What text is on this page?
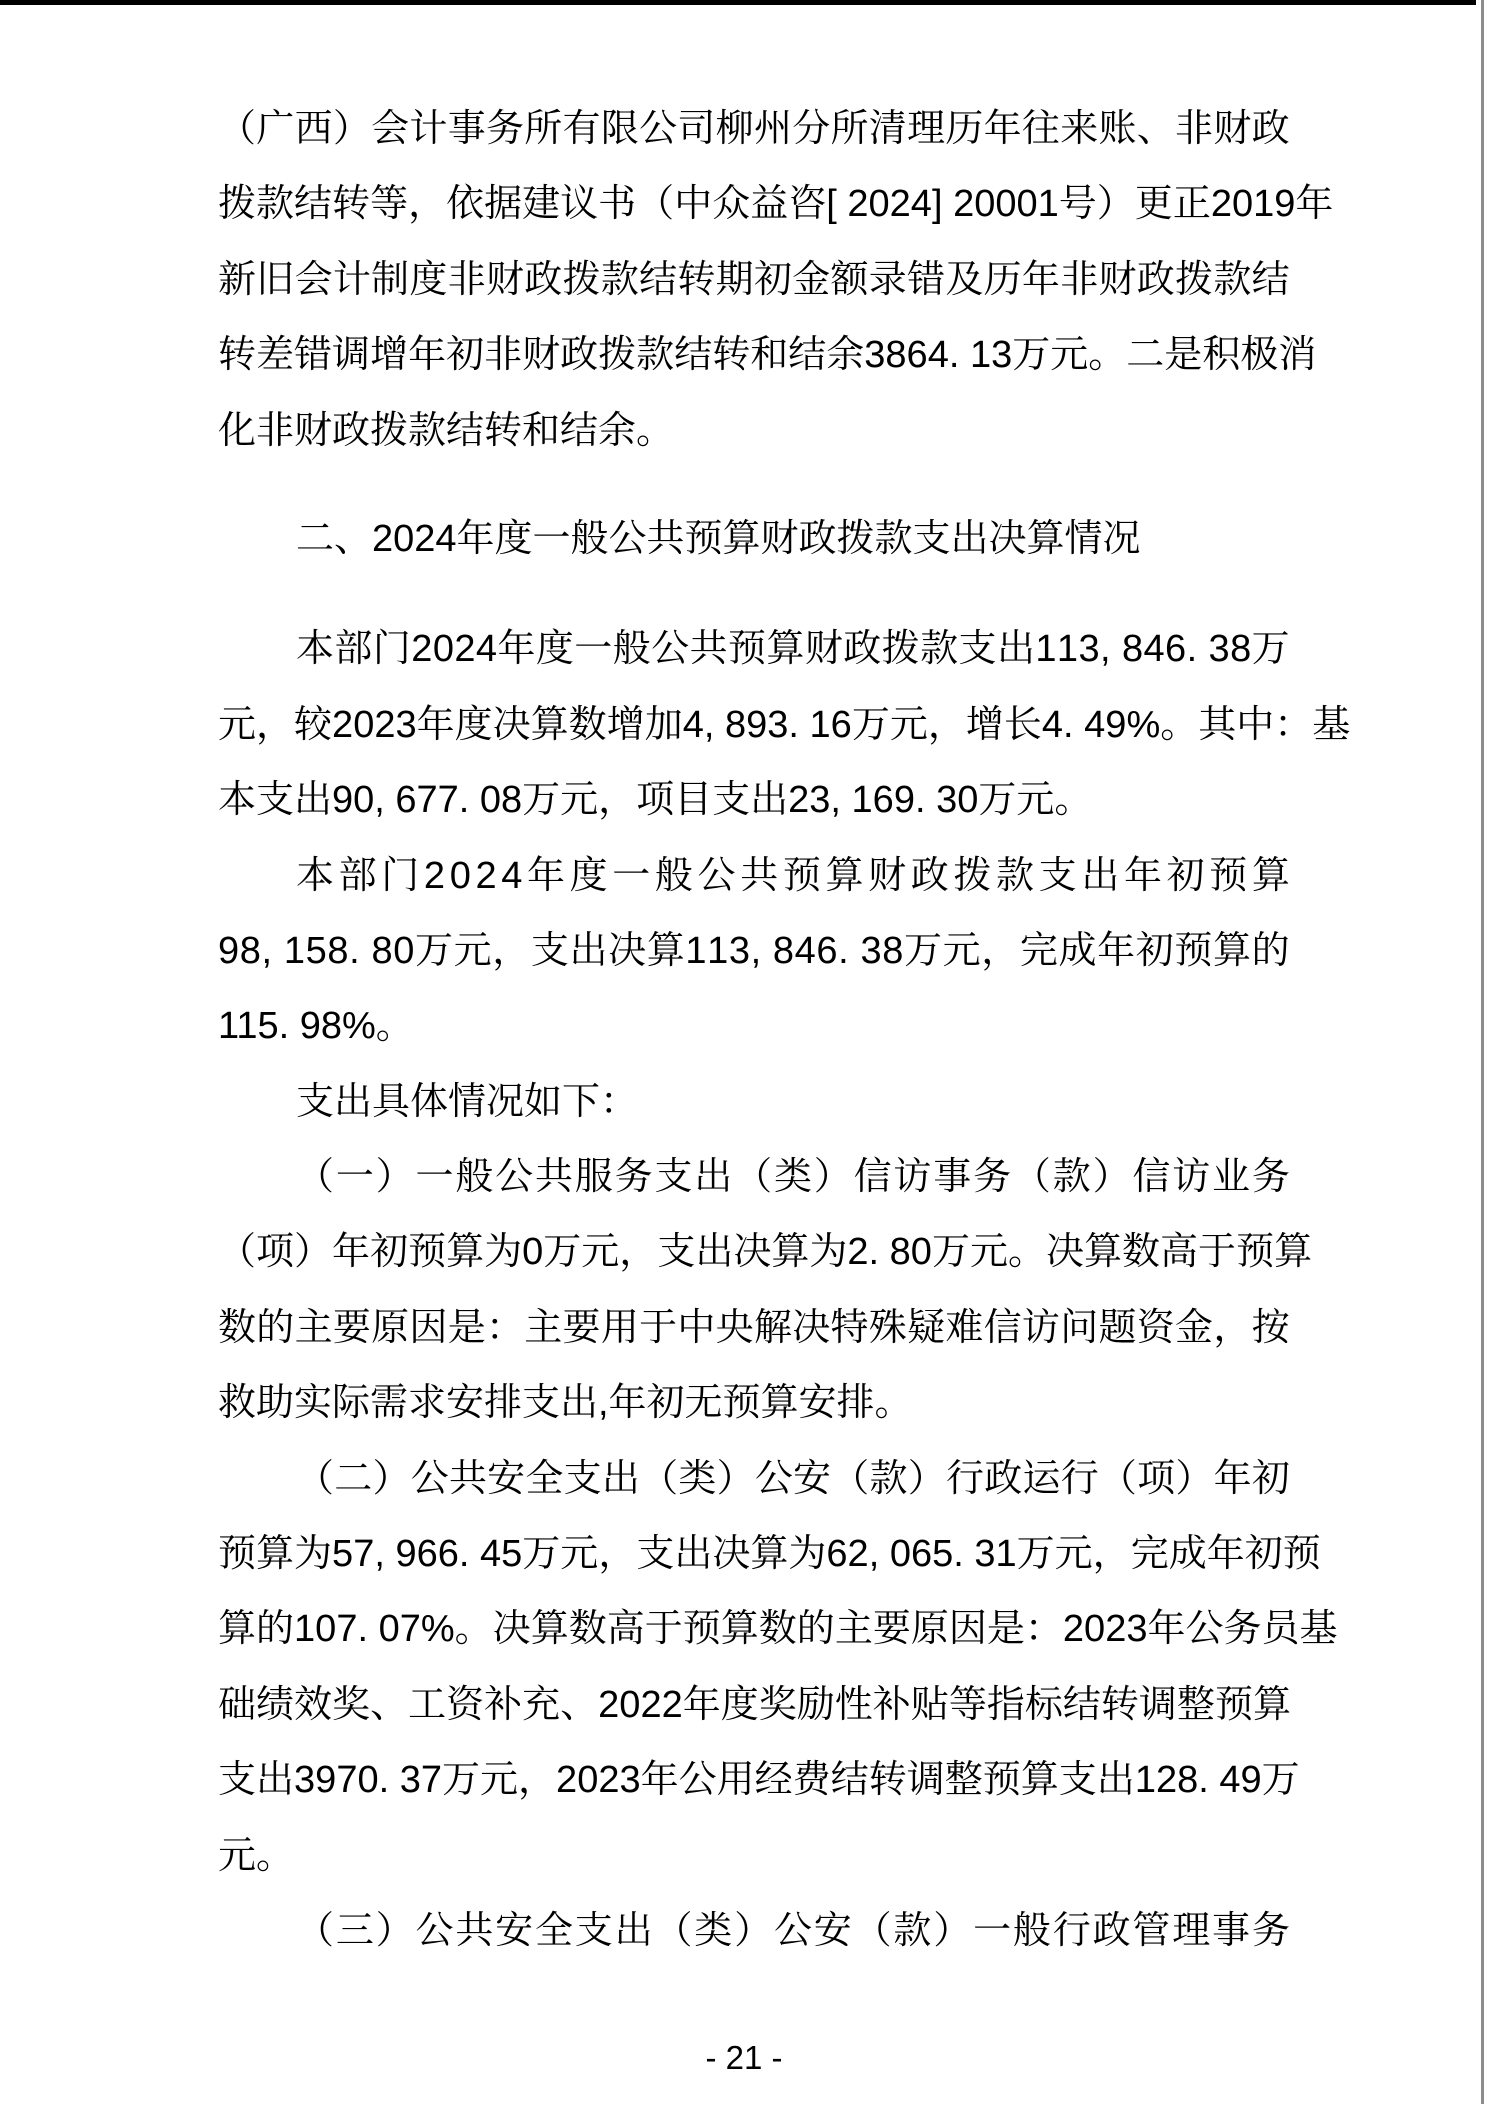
（ 广 西 ） 会 计 事 务 所 有 限 公 司 柳 州 分 所 清 理 历 年 往 来 账 、 非 财 政
拨 款 结 转 等 ， 依 据 建 议 书 （ 中 众 益 咨 [
2 0 2 4 ]
2 0 0 0 1 号 ） 更 正 2 0 1 9 年
新 旧 会 计 制 度 非 财 政 拨 款 结 转 期 初 金 额 录 错 及 历 年 非 财 政 拨 款 结
转 差 错 调 增 年 初 非 财 政 拨 款 结 转 和 结 余 3 8 6 4 .
1 3 万 元 。 二 是 积 极 消
化非财政拨款结转和结余。
二、2024年度一般公共预算财政拨款支出决算情况
本 部 门 2 0 2 4 年 度 一 般 公 共 预 算 财 政 拨 款 支 出 1 1 3 ,
8 4 6 .
3 8 万
元 ， 较 2 0 2 3 年 度 决 算 数 增 加 4 ,
8 9 3 .
1 6 万 元 ， 增 长 4 .
4 9 % 。 其 中 ： 基
本支出90, 677. 08万元，项目支出23, 169. 30万元。
本 部 门 2 0 2 4 年 度 一 般 公 共 预 算 财 政 拨 款 支 出 年 初 预 算
9 8 ,
1 5 8 .
8 0 万 元 ， 支 出 决 算 1 1 3 ,
8 4 6 .
3 8 万 元 ， 完 成 年 初 预 算 的
115. 98%。
支出具体情况如下：
（ 一 ） 一 般 公 共 服 务 支 出 （ 类 ） 信 访 事 务 （ 款 ） 信 访 业 务
（ 项 ） 年 初 预 算 为 0 万 元 ， 支 出 决 算 为 2 .
8 0 万 元 。 决 算 数 高 于 预 算
数 的 主 要 原 因 是 ： 主 要 用 于 中 央 解 决 特 殊 疑 难 信 访 问 题 资 金 ， 按
救助实际需求安排支出,年初无预算安排。
（ 二 ） 公 共 安 全 支 出 （ 类 ） 公 安 （ 款 ） 行 政 运 行 （ 项 ） 年 初
预 算 为 5 7 ,
9 6 6 .
4 5 万 元 ， 支 出 决 算 为 6 2 ,
0 6 5 .
3 1 万 元 ， 完 成 年 初 预
算 的 1 0 7 .
0 7 % 。 决 算 数 高 于 预 算 数 的 主 要 原 因 是 ： 2 0 2 3 年 公 务 员 基
础 绩 效 奖 、 工 资 补 充 、 2 0 2 2 年 度 奖 励 性 补 贴 等 指 标 结 转 调 整 预 算
支 出 3 9 7 0 .
3 7 万 元 ， 2 0 2 3 年 公 用 经 费 结 转 调 整 预 算 支 出 1 2 8 .
4 9 万
元。
（ 三 ） 公 共 安 全 支 出 （ 类 ） 公 安 （ 款 ） 一 般 行 政 管 理 事 务
- 21 -
